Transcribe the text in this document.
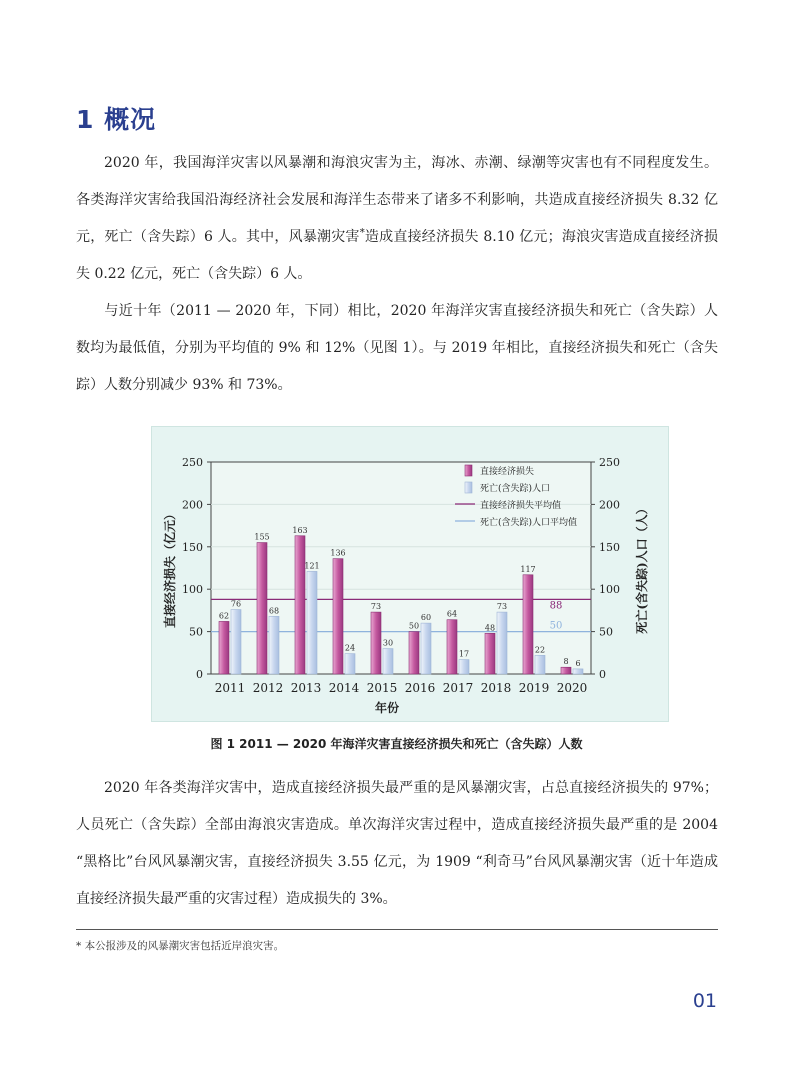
1 概况

2020 年，我国海洋灾害以风暴潮和海浪灾害为主，海冰、赤潮、绿潮等灾害也有不同程度发生。各类海洋灾害给我国沿海经济社会发展和海洋生态带来了诸多不利影响，共造成直接经济损失 8.32 亿元，死亡（含失踪）6 人。其中，风暴潮灾害*造成直接经济损失 8.10 亿元；海浪灾害造成直接经济损失 0.22 亿元，死亡（含失踪）6 人。

与近十年（2011 — 2020 年，下同）相比，2020 年海洋灾害直接经济损失和死亡（含失踪）人数均为最低值，分别为平均值的 9% 和 12%（见图 1）。与 2019 年相比，直接经济损失和死亡（含失踪）人数分别减少 93% 和 73%。

0	0
50	50
100	100
150	150
200	200
250	250
88
50
62
76
2011
155
68
2012
163
121
2013
136
24
2014
73
30
2015
50
60
2016
64
17
2017
48
73
2018
117
22
2019
8 6
2020
年份
直接经济损失（亿元）	死亡(含失踪)人口（人）
直接经济损失
死亡(含失踪)人口
直接经济损失平均值
死亡(含失踪)人口平均值
图 1 2011 — 2020 年海洋灾害直接经济损失和死亡（含失踪）人数

2020 年各类海洋灾害中，造成直接经济损失最严重的是风暴潮灾害，占总直接经济损失的 97%；人员死亡（含失踪）全部由海浪灾害造成。单次海洋灾害过程中，造成直接经济损失最严重的是 2004 “黑格比”台风风暴潮灾害，直接经济损失 3.55 亿元，为 1909 “利奇马”台风风暴潮灾害（近十年造成直接经济损失最严重的灾害过程）造成损失的 3%。

* 本公报涉及的风暴潮灾害包括近岸浪灾害。
01
